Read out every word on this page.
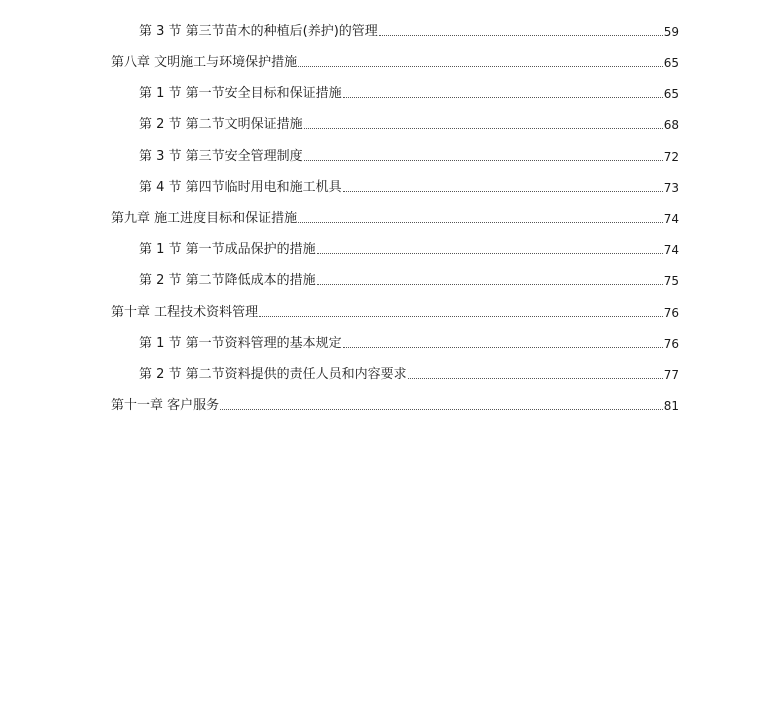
第 3 节 第三节苗木的种植后(养护)的管理	59
第八章 文明施工与环境保护措施	65
第 1 节 第一节安全目标和保证措施	65
第 2 节 第二节文明保证措施	68
第 3 节 第三节安全管理制度	72
第 4 节 第四节临时用电和施工机具	73
第九章 施工进度目标和保证措施	74
第 1 节 第一节成品保护的措施	74
第 2 节 第二节降低成本的措施	75
第十章 工程技术资料管理	76
第 1 节 第一节资料管理的基本规定	76
第 2 节 第二节资料提供的责任人员和内容要求	77
第十一章 客户服务	81
